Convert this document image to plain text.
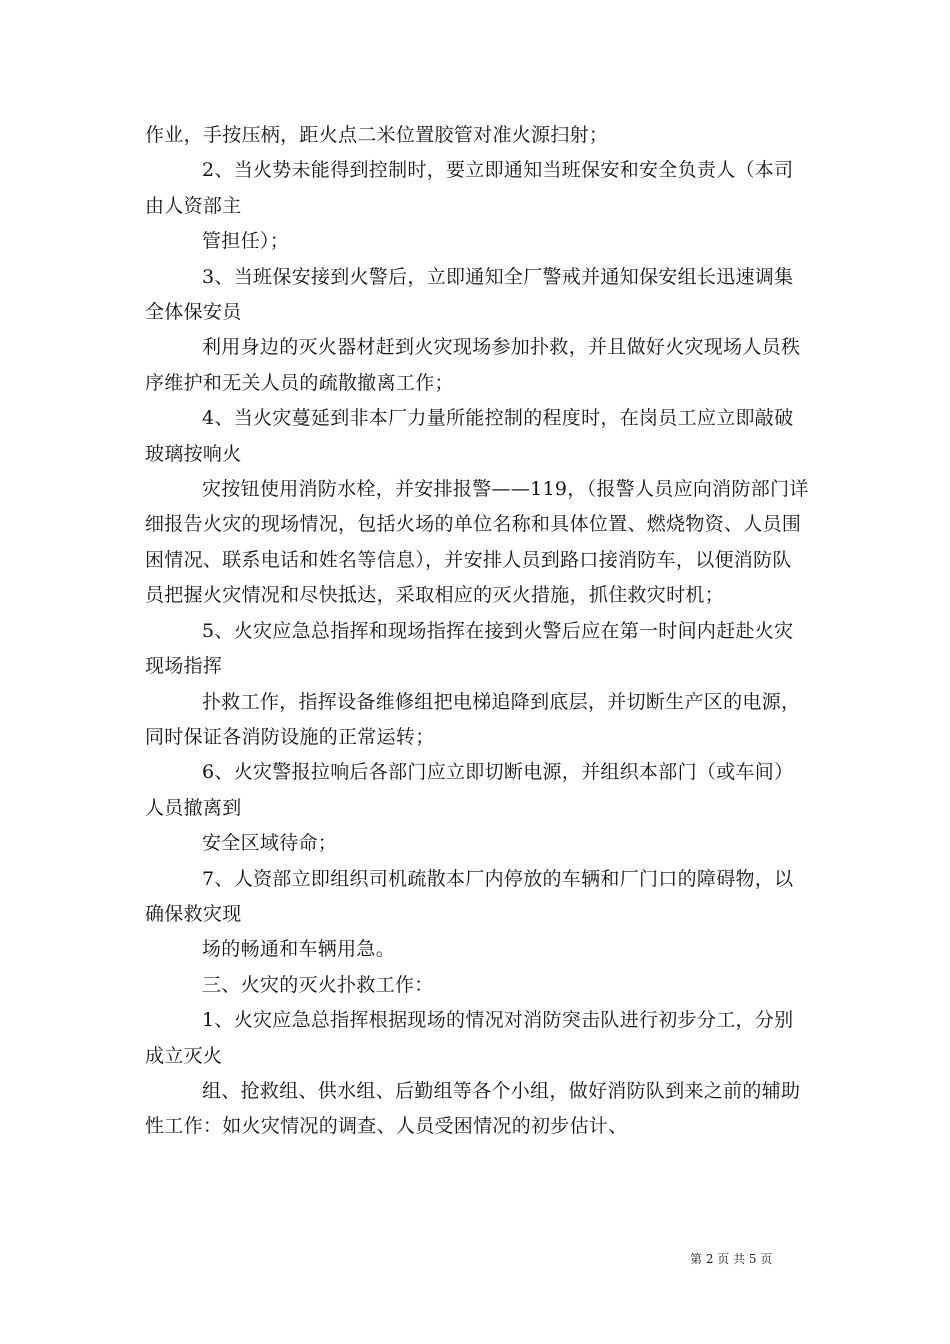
作业，手按压柄，距火点二米位置胶管对准火源扫射；

2、当火势未能得到控制时，要立即通知当班保安和安全负责人（本司由人资部主

管担任）；

3、当班保安接到火警后，立即通知全厂警戒并通知保安组长迅速调集全体保安员

利用身边的灭火器材赶到火灾现场参加扑救，并且做好火灾现场人员秩序维护和无关人员的疏散撤离工作；

4、当火灾蔓延到非本厂力量所能控制的程度时，在岗员工应立即敲破玻璃按响火

灾按钮使用消防水栓，并安排报警——119，（报警人员应向消防部门详细报告火灾的现场情况，包括火场的单位名称和具体位置、燃烧物资、人员围困情况、联系电话和姓名等信息），并安排人员到路口接消防车，以便消防队员把握火灾情况和尽快抵达，采取相应的灭火措施，抓住救灾时机；

5、火灾应急总指挥和现场指挥在接到火警后应在第一时间内赶赴火灾现场指挥

扑救工作，指挥设备维修组把电梯追降到底层，并切断生产区的电源，同时保证各消防设施的正常运转；

6、火灾警报拉响后各部门应立即切断电源，并组织本部门（或车间）人员撤离到

安全区域待命；

7、人资部立即组织司机疏散本厂内停放的车辆和厂门口的障碍物，以确保救灾现

场的畅通和车辆用急。

三、火灾的灭火扑救工作：

1、火灾应急总指挥根据现场的情况对消防突击队进行初步分工，分别成立灭火

组、抢救组、供水组、后勤组等各个小组，做好消防队到来之前的辅助性工作：如火灾情况的调查、人员受困情况的初步估计、

第 2 页 共 5 页
